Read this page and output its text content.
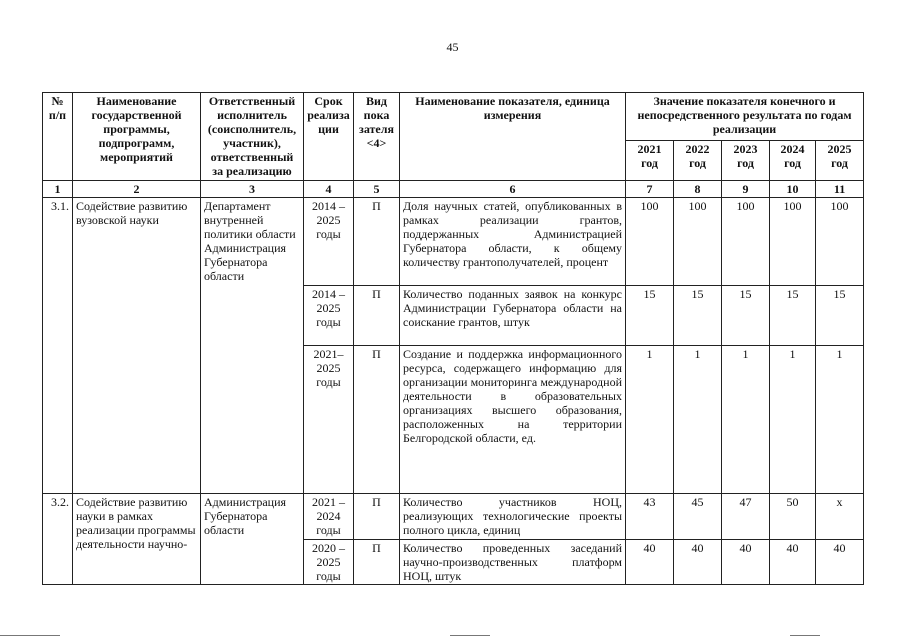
45
№ п/п	Наименование государственной программы, подпрограмм, мероприятий	Ответственный исполнитель (соисполнитель, участник), ответственный за реализацию	Срок реализа ции	Вид пока зателя <4>	Наименование показателя, единица измерения	Значение показателя конечного и непосредственного результата по годам реализации				
						2021 год	2022 год	2023 год	2024 год	2025 год
1	2	3	4	5	6	7	8	9	10	11
3.1.	Содействие развитию вузовской науки	Департамент внутренней политики области Администрация Губернатора области	2014 – 2025 годы	П	Доля научных статей, опубликованных в рамках реализации грантов, поддержанных Администрацией Губернатора области, к общему количеству грантополучателей, процент	100	100	100	100	100
			2014 – 2025 годы	П	Количество поданных заявок на конкурс Администрации Губернатора области на соискание грантов, штук	15	15	15	15	15
			2021– 2025 годы	П	Создание и поддержка информационного ресурса, содержащего информацию для организации мониторинга международной деятельности в образовательных организациях высшего образования, расположенных на территории Белгородской области, ед.	1	1	1	1	1
3.2.	Содействие развитию науки в рамках реализации программы деятельности научно-	Администрация Губернатора области	2021 – 2024 годы	П	Количество участников НОЦ, реализующих технологические проекты полного цикла, единиц	43	45	47	50	х
			2020 – 2025 годы	П	Количество проведенных заседаний научно-производственных платформ НОЦ, штук	40	40	40	40	40
